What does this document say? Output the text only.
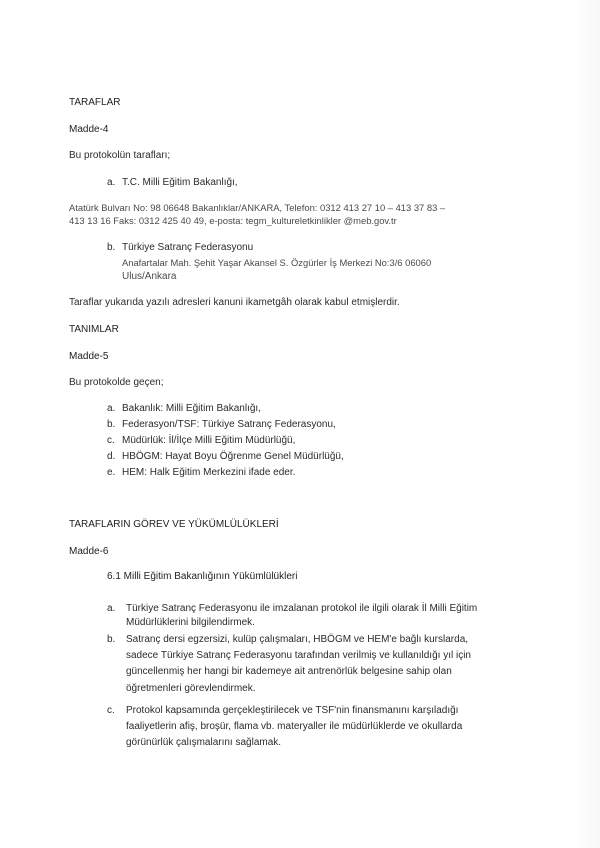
TARAFLAR
Madde-4
Bu protokolün tarafları;
a. T.C. Milli Eğitim Bakanlığı,
Atatürk Bulvarı No: 98 06648 Bakanlıklar/ANKARA, Telefon: 0312 413 27 10 – 413 37 83 –
413 13 16 Faks: 0312 425 40 49, e-posta: tegm_kultureletkinlikler @meb.gov.tr
b. Türkiye Satranç Federasyonu
Anafartalar Mah. Şehit Yaşar Akansel S. Özgürler İş Merkezi No:3/6 06060
Ulus/Ankara
Taraflar yukarıda yazılı adresleri kanuni ikametgâh olarak kabul etmişlerdir.
TANIMLAR
Madde-5
Bu protokolde geçen;
a. Bakanlık: Milli Eğitim Bakanlığı,
b. Federasyon/TSF: Türkiye Satranç Federasyonu,
c. Müdürlük: İl/İlçe Milli Eğitim Müdürlüğü,
d. HBÖGM: Hayat Boyu Öğrenme Genel Müdürlüğü,
e. HEM: Halk Eğitim Merkezini ifade eder.
TARAFLARIN GÖREV VE YÜKÜMLÜLÜKLERİ
Madde-6
6.1 Milli Eğitim Bakanlığının Yükümlülükleri
a. Türkiye Satranç Federasyonu ile imzalanan protokol ile ilgili olarak İl Milli Eğitim
Müdürlüklerini bilgilendirmek.
b. Satranç dersi egzersizi, kulüp çalışmaları, HBÖGM ve HEM'e bağlı kurslarda,
sadece Türkiye Satranç Federasyonu tarafından verilmiş ve kullanıldığı yıl için
güncellenmiş her hangi bir kademeye ait antrenörlük belgesine sahip olan
öğretmenleri görevlendirmek.
c. Protokol kapsamında gerçekleştirilecek ve TSF'nin finansmanını karşıladığı
faaliyetlerin afiş, broşür, flama vb. materyaller ile müdürlüklerde ve okullarda
görünürlük çalışmalarını sağlamak.
